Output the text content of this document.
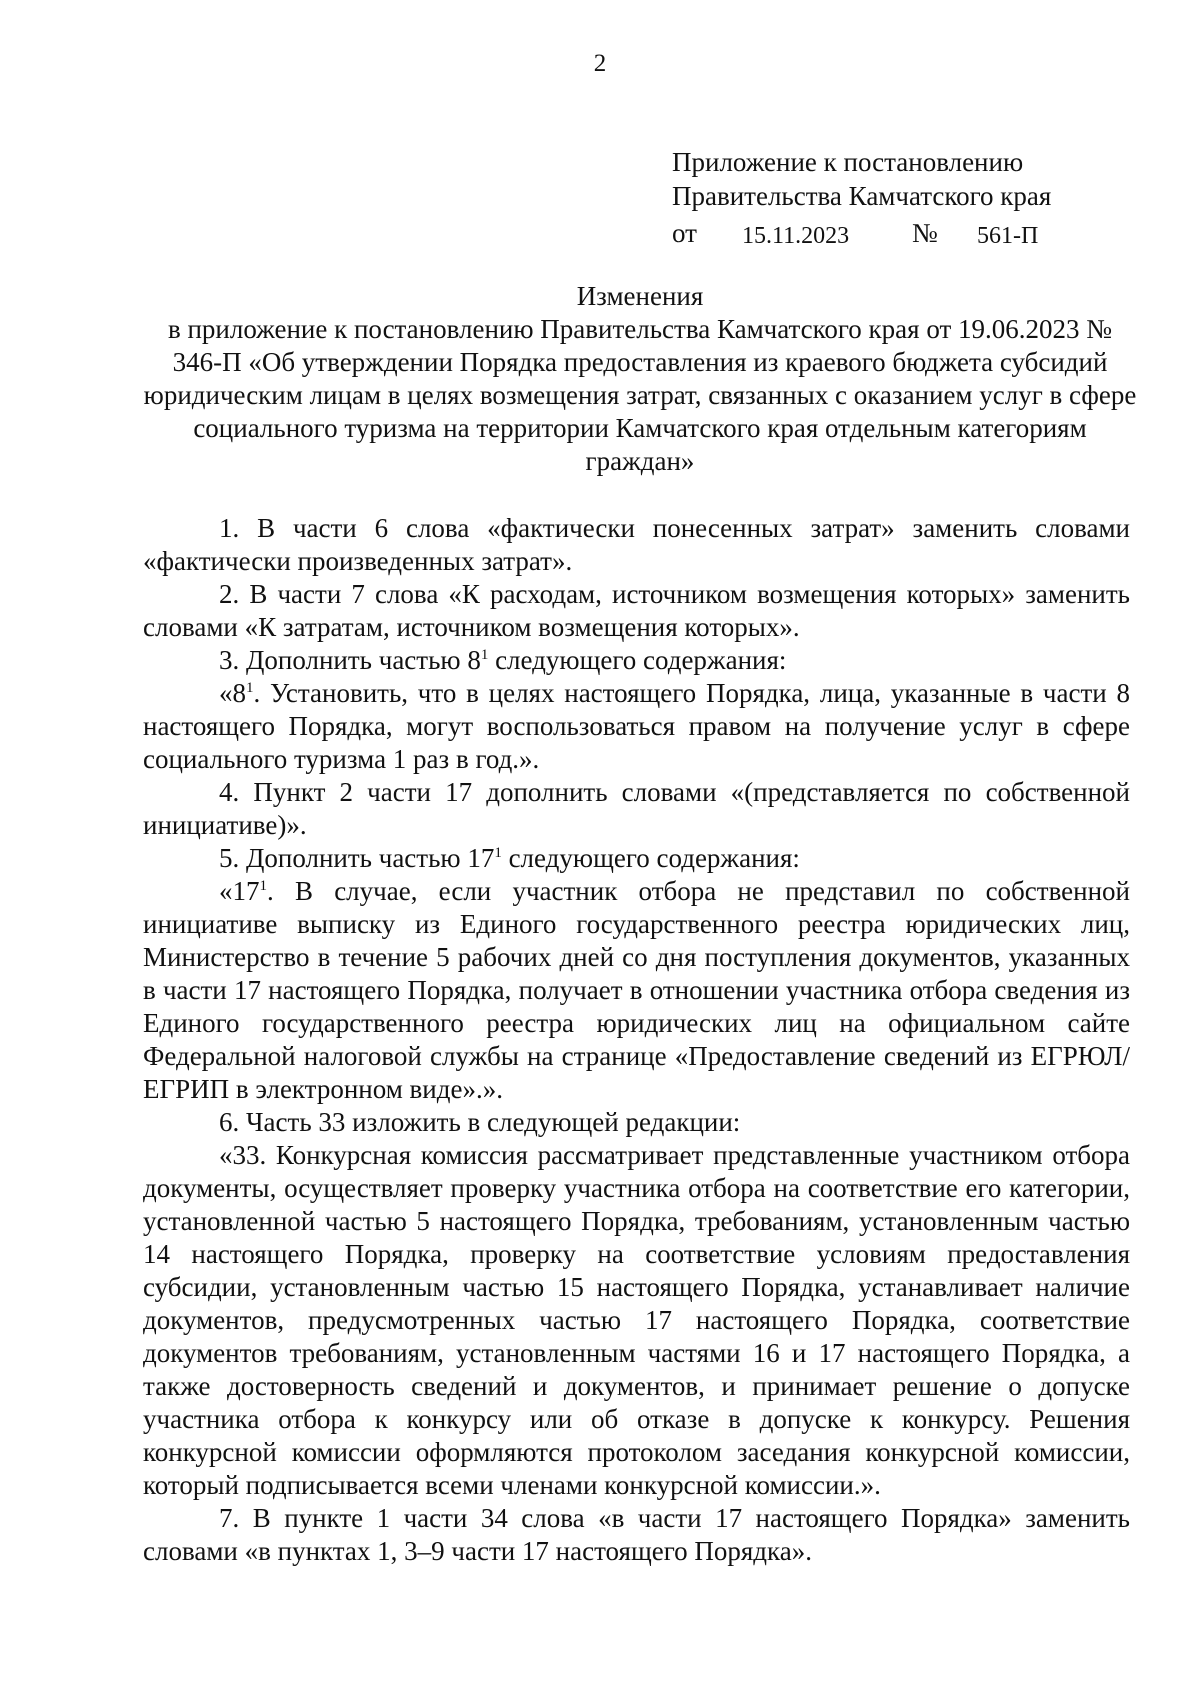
2
Приложение к постановлению
Правительства Камчатского края
от 15.11.2023 № 561-П
Изменения
в приложение к постановлению Правительства Камчатского края от 19.06.2023 № 346-П «Об утверждении Порядка предоставления из краевого бюджета субсидий юридическим лицам в целях возмещения затрат, связанных с оказанием услуг в сфере социального туризма на территории Камчатского края отдельным категориям граждан»

1. В части 6 слова «фактически понесенных затрат» заменить словами «фактически произведенных затрат».

2. В части 7 слова «К расходам, источником возмещения которых» заменить словами «К затратам, источником возмещения которых».

3. Дополнить частью $8^1$ следующего содержания:

«$8^1$. Установить, что в целях настоящего Порядка, лица, указанные в части 8 настоящего Порядка, могут воспользоваться правом на получение услуг в сфере социального туризма 1 раз в год.».

4. Пункт 2 части 17 дополнить словами «(представляется по собственной инициативе)».

5. Дополнить частью $17^1$ следующего содержания:

«$17^1$. В случае, если участник отбора не представил по собственной инициативе выписку из Единого государственного реестра юридических лиц, Министерство в течение 5 рабочих дней со дня поступления документов, указанных в части 17 настоящего Порядка, получает в отношении участника отбора сведения из Единого государственного реестра юридических лиц на официальном сайте Федеральной налоговой службы на странице «Предоставление сведений из ЕГРЮЛ/ЕГРИП в электронном виде».».

6. Часть 33 изложить в следующей редакции:

«33. Конкурсная комиссия рассматривает представленные участником отбора документы, осуществляет проверку участника отбора на соответствие его категории, установленной частью 5 настоящего Порядка, требованиям, установленным частью 14 настоящего Порядка, проверку на соответствие условиям предоставления субсидии, установленным частью 15 настоящего Порядка, устанавливает наличие документов, предусмотренных частью 17 настоящего Порядка, соответствие документов требованиям, установленным частями 16 и 17 настоящего Порядка, а также достоверность сведений и документов, и принимает решение о допуске участника отбора к конкурсу или об отказе в допуске к конкурсу. Решения конкурсной комиссии оформляются протоколом заседания конкурсной комиссии, который подписывается всеми членами конкурсной комиссии.».

7. В пункте 1 части 34 слова «в части 17 настоящего Порядка» заменить словами «в пунктах 1, 3–9 части 17 настоящего Порядка».
